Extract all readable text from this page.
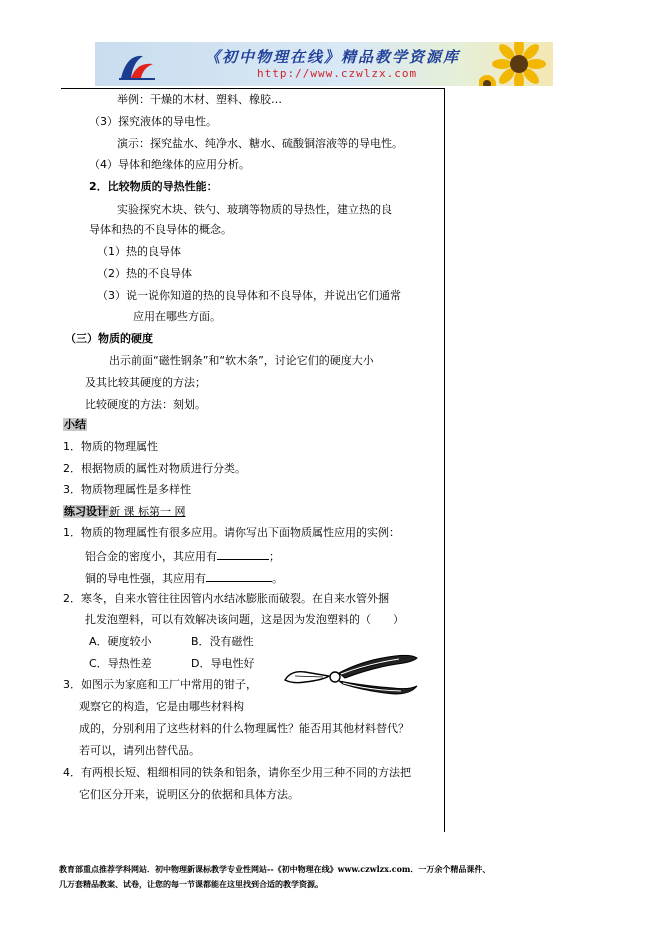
《初中物理在线》精品教学资源库
http://www.czwlzx.com
举例：干燥的木材、塑料、橡胶…
（3）探究液体的导电性。
演示：探究盐水、纯净水、糖水、硫酸铜溶液等的导电性。
（4）导体和绝缘体的应用分析。
2．比较物质的导热性能：
实验探究木块、铁勺、玻璃等物质的导热性，建立热的良
导体和热的不良导体的概念。
（1）热的良导体
（2）热的不良导体
（3）说一说你知道的热的良导体和不良导体，并说出它们通常
应用在哪些方面。
（三）物质的硬度
出示前面“磁性钢条”和“软木条”，讨论它们的硬度大小
及其比较其硬度的方法；
比较硬度的方法：刻划。
小结
1．物质的物理属性
2．根据物质的属性对物质进行分类。
3．物质物理属性是多样性
练习设计新 课 标第一 网
1．物质的物理属性有很多应用。请你写出下面物质属性应用的实例：
铝合金的密度小，其应用有	；
铜的导电性强，其应用有	。
2．寒冬，自来水管往往因管内水结冰膨胀而破裂。在自来水管外捆
扎发泡塑料，可以有效解决该问题，这是因为发泡塑料的（　　）
A．硬度较小	B．没有磁性
C．导热性差	D．导电性好
3．如图示为家庭和工厂中常用的钳子，
观察它的构造，它是由哪些材料构
成的，分别利用了这些材料的什么物理属性？能否用其他材料替代？
若可以，请列出替代品。
4．有两根长短、粗细相同的铁条和铝条，请你至少用三种不同的方法把
它们区分开来，说明区分的依据和具体方法。
教育部重点推荐学科网站．初中物理新课标教学专业性网站--《初中物理在线》www.czwlzx.com．一万余个精品课件、
几万套精品教案、试卷，让您的每一节课都能在这里找到合适的教学资源。
